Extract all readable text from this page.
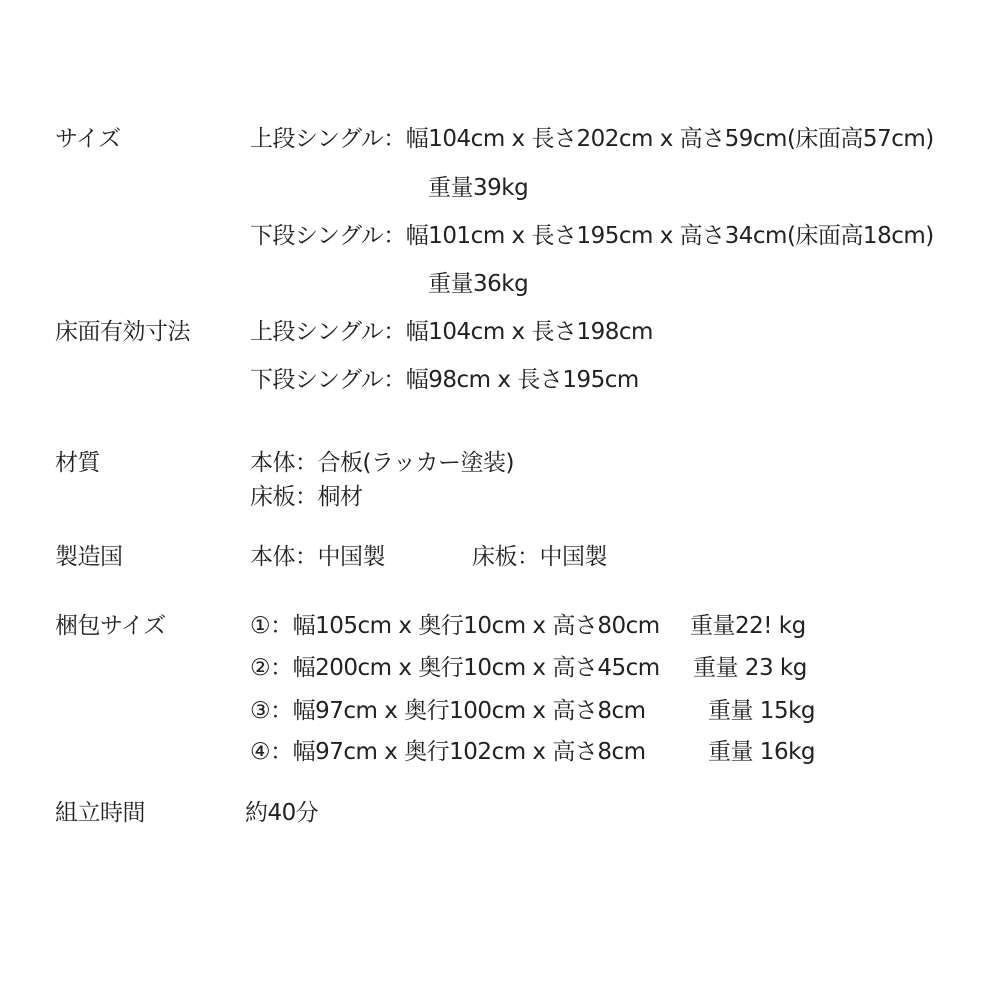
サイズ	上段シングル：幅104cm x 長さ202cm x 高さ59cm(床面高57cm)
重量39kg
下段シングル：幅101cm x 長さ195cm x 高さ34cm(床面高18cm)
重量36kg
床面有効寸法	上段シングル：幅104cm x 長さ198cm
下段シングル：幅98cm x 長さ195cm
材質	本体：合板(ラッカー塗装)
床板：桐材
製造国	本体：中国製	床板：中国製
梱包サイズ	①：幅105cm x 奥行10cm x 高さ80cm 重量22! kg
②：幅200cm x 奥行10cm x 高さ45cm 重量 23 kg
③：幅97cm x 奥行100cm x 高さ8cm	重量 15kg
④：幅97cm x 奥行102cm x 高さ8cm	重量 16kg
組立時間	約40分
